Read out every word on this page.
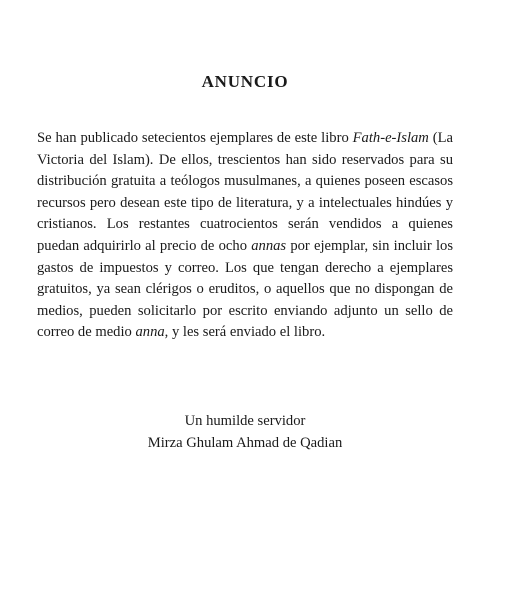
ANUNCIO

Se han publicado setecientos ejemplares de este libro Fath-e-Islam (La Victoria del Islam). De ellos, trescientos han sido reservados para su distribución gratuita a teólogos musulmanes, a quienes poseen escasos recursos pero desean este tipo de literatura, y a intelectuales hindúes y cristianos. Los restantes cuatrocientos serán vendidos a quienes puedan adquirirlo al precio de ocho annas por ejemplar, sin incluir los gastos de impuestos y correo. Los que tengan derecho a ejemplares gratuitos, ya sean clérigos o eruditos, o aquellos que no dispongan de medios, pueden solicitarlo por escrito enviando adjunto un sello de correo de medio anna, y les será enviado el libro.

Un humilde servidor
Mirza Ghulam Ahmad de Qadian
